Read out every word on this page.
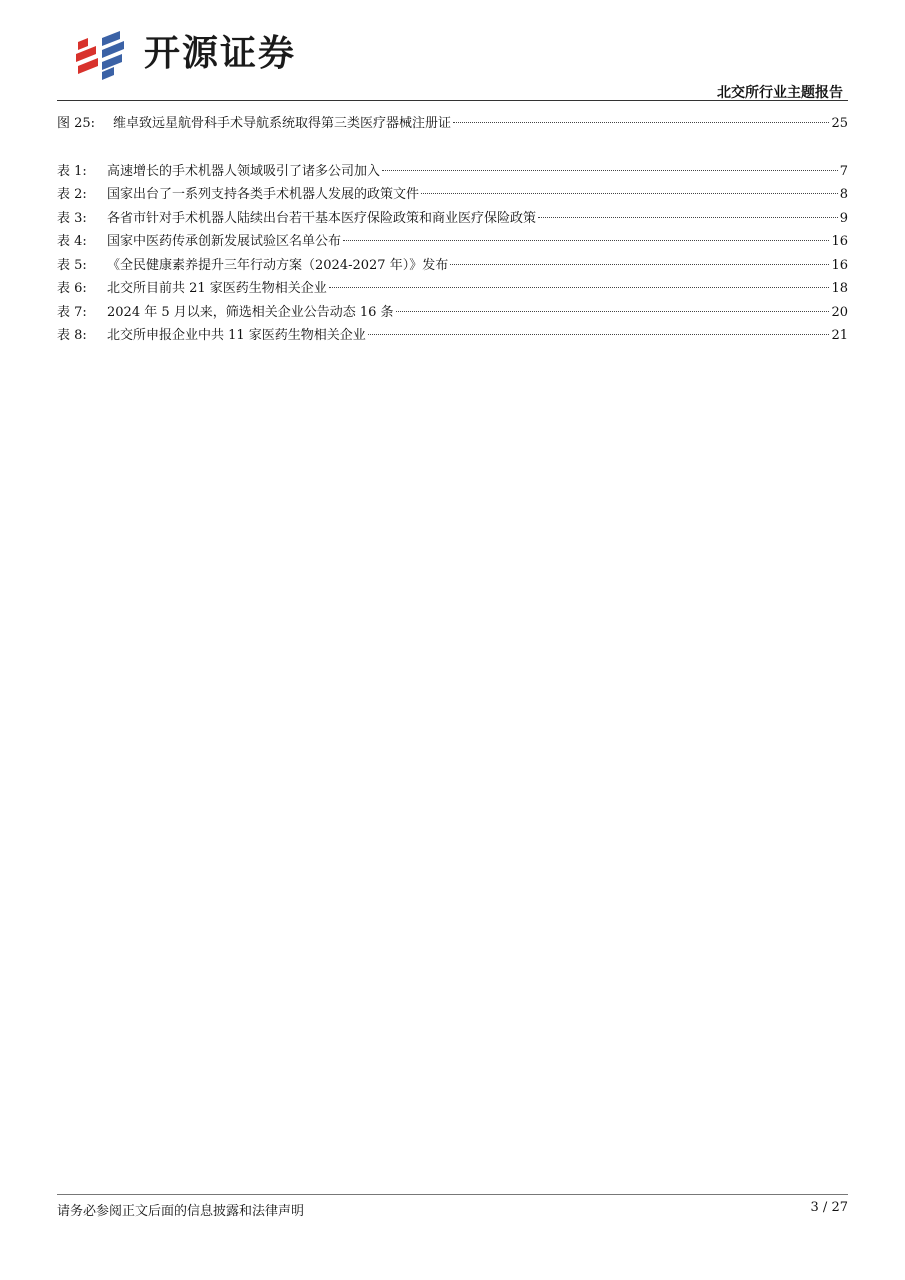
开源证券
北交所行业主题报告
图 25:	维卓致远星航骨科手术导航系统取得第三类医疗器械注册证	25
表 1:	高速增长的手术机器人领域吸引了诸多公司加入	7
表 2:	国家出台了一系列支持各类手术机器人发展的政策文件	8
表 3:	各省市针对手术机器人陆续出台若干基本医疗保险政策和商业医疗保险政策	9
表 4:	国家中医药传承创新发展试验区名单公布	16
表 5:	《全民健康素养提升三年行动方案（2024-2027 年）》发布	16
表 6:	北交所目前共 21 家医药生物相关企业	18
表 7:	2024 年 5 月以来，筛选相关企业公告动态 16 条	20
表 8:	北交所申报企业中共 11 家医药生物相关企业	21
请务必参阅正文后面的信息披露和法律声明	3 / 27
